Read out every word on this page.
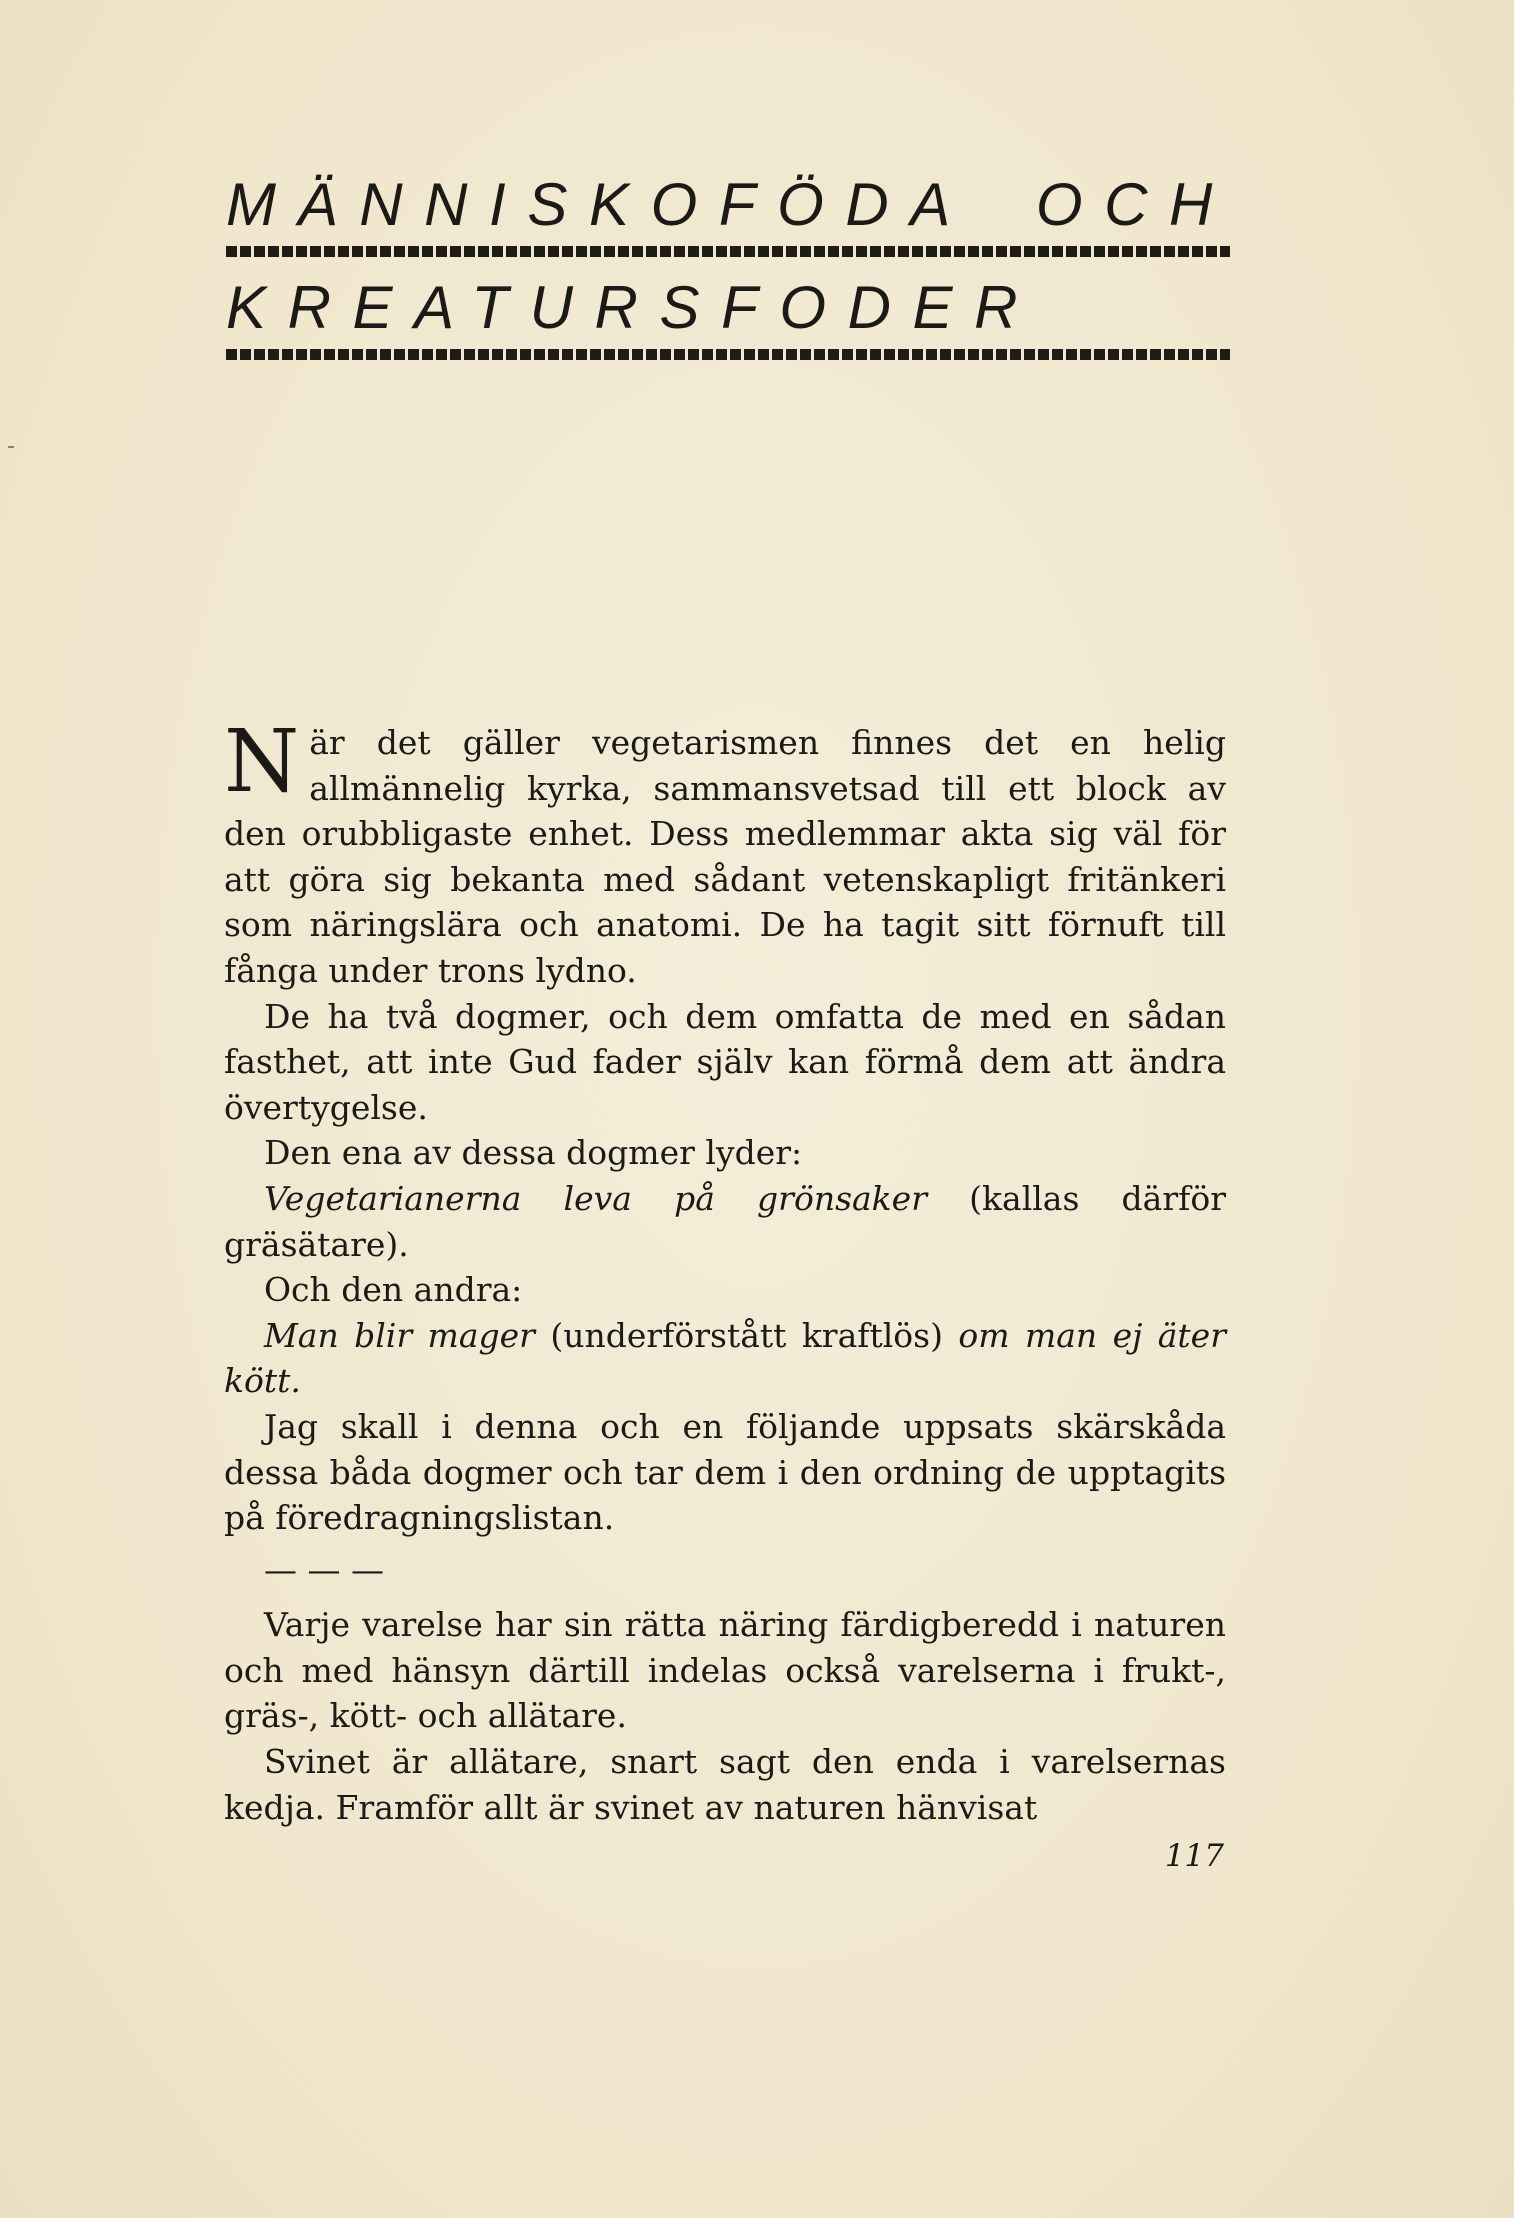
MÄNNISKOFÖDA OCH
KREATURSFODER

När det gäller vegetarismen finnes det en helig allmännelig kyrka, sammansvetsad till ett block av den orubbligaste enhet. Dess medlemmar akta sig väl för att göra sig bekanta med sådant vetenskapligt fritänkeri som näringslära och anatomi. De ha tagit sitt förnuft till fånga under trons lydno.

De ha två dogmer, och dem omfatta de med en sådan fasthet, att inte Gud fader själv kan förmå dem att ändra övertygelse.

Den ena av dessa dogmer lyder:

Vegetarianerna leva på grönsaker (kallas därför gräsätare).

Och den andra:

Man blir mager (underförstått kraftlös) om man ej äter kött.

Jag skall i denna och en följande uppsats skärskåda dessa båda dogmer och tar dem i den ordning de upptagits på föredragningslistan.

— — —

Varje varelse har sin rätta näring färdigberedd i naturen och med hänsyn därtill indelas också varelserna i frukt-, gräs-, kött- och allätare.

Svinet är allätare, snart sagt den enda i varelsernas kedja. Framför allt är svinet av naturen hänvisat

117
